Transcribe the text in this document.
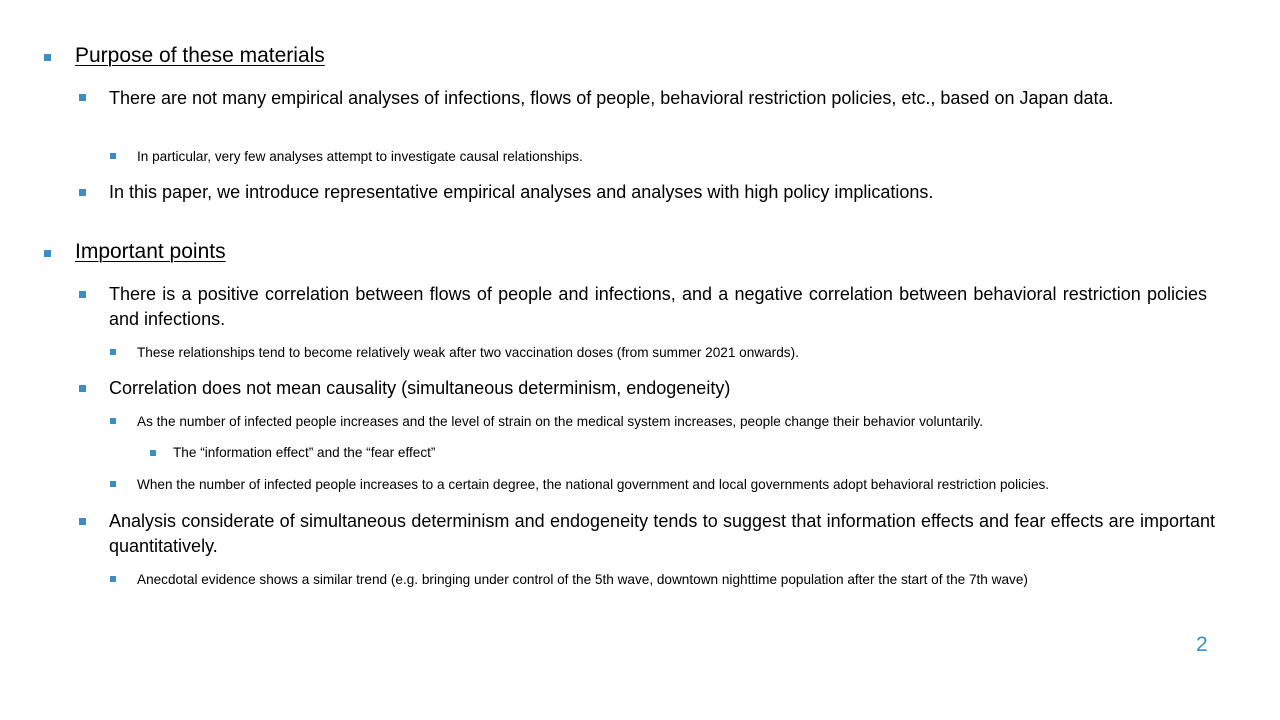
Purpose of these materials
There are not many empirical analyses of infections, flows of people, behavioral restriction policies, etc., based on Japan data.
In particular, very few analyses attempt to investigate causal relationships.
In this paper, we introduce representative empirical analyses and analyses with high policy implications.
Important points
There is a positive correlation between flows of people and infections, and a negative correlation between behavioral restriction policies and infections.
These relationships tend to become relatively weak after two vaccination doses (from summer 2021 onwards).
Correlation does not mean causality (simultaneous determinism, endogeneity)
As the number of infected people increases and the level of strain on the medical system increases, people change their behavior voluntarily.
The “information effect” and the “fear effect”
When the number of infected people increases to a certain degree, the national government and local governments adopt behavioral restriction policies.
Analysis considerate of simultaneous determinism and endogeneity tends to suggest that information effects and fear effects are important quantitatively.
Anecdotal evidence shows a similar trend (e.g. bringing under control of the 5th wave, downtown nighttime population after the start of the 7th wave)
2
